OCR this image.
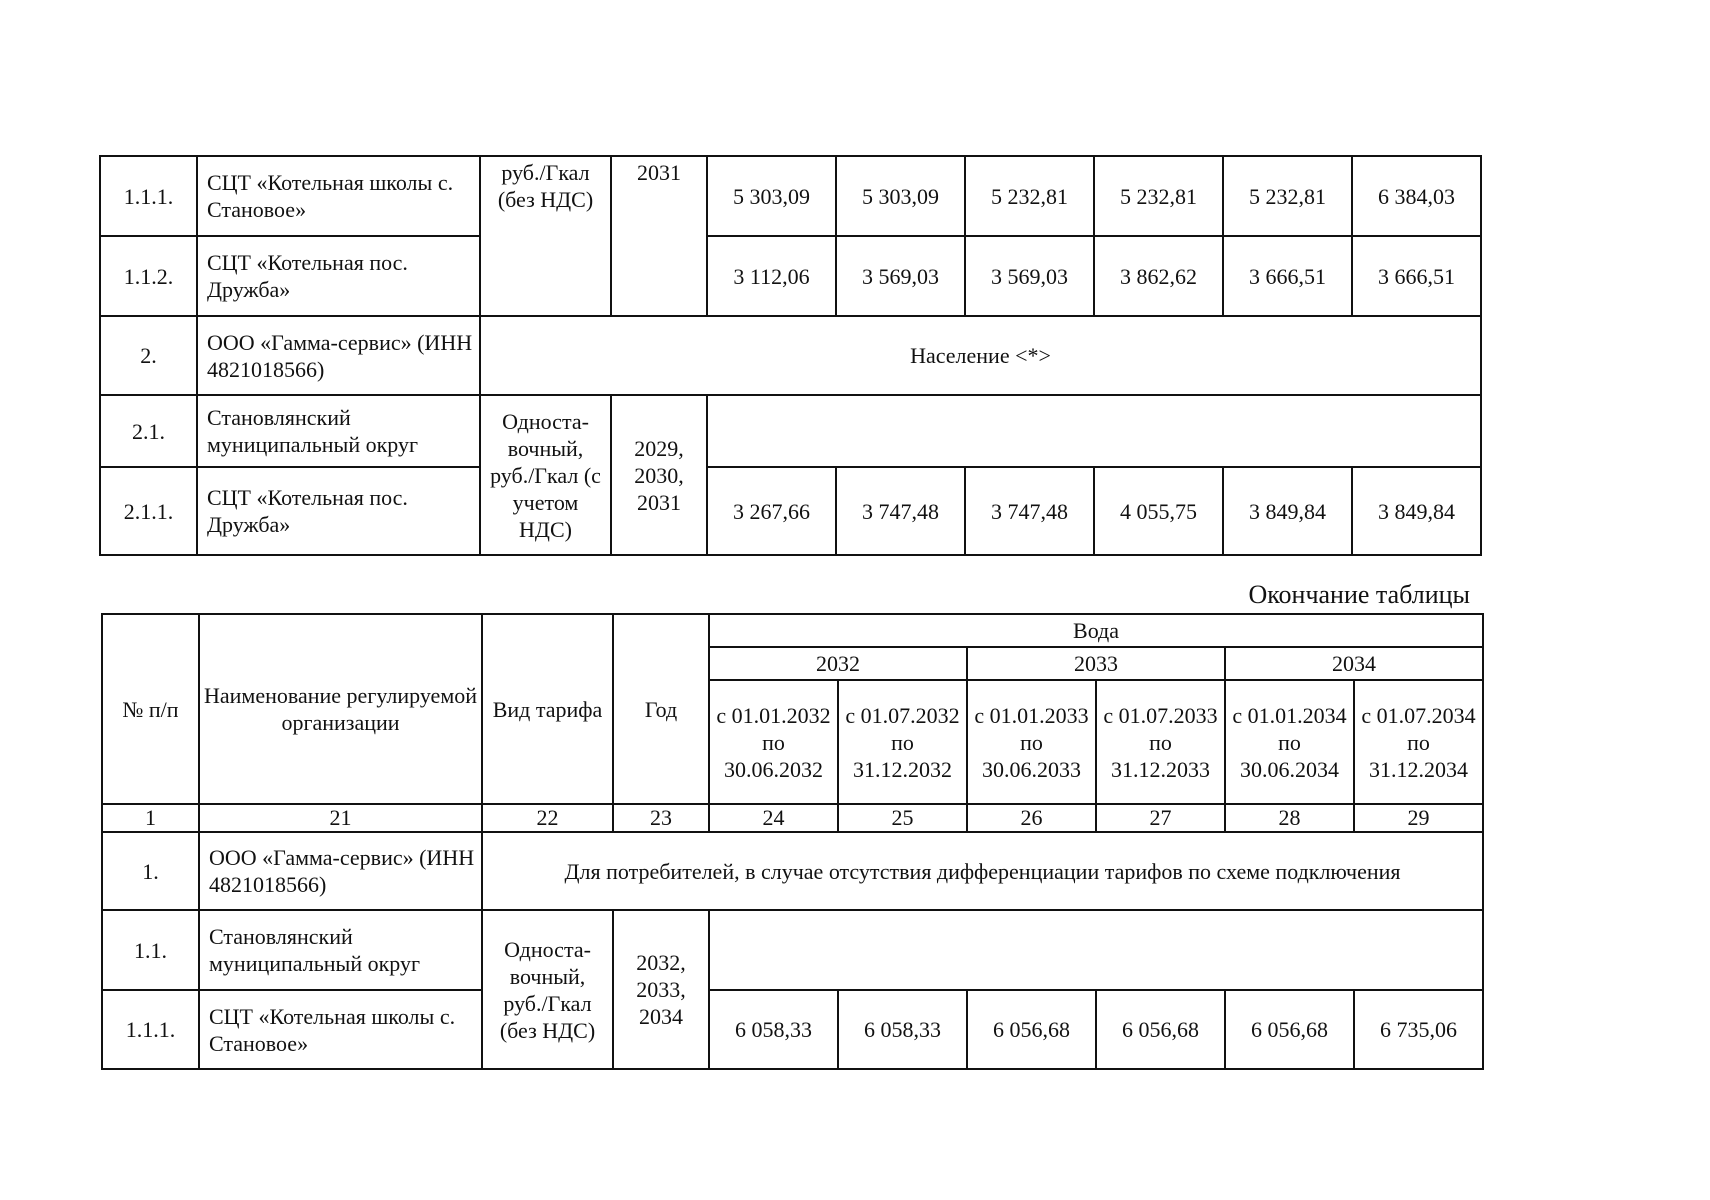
1.1.1.	СЦТ «Котельная школы с. Становое»	руб./Гкал (без НДС)	2031	5 303,09	5 303,09	5 232,81	5 232,81	5 232,81	6 384,03
1.1.2.	СЦТ «Котельная пос. Дружба»			3 112,06	3 569,03	3 569,03	3 862,62	3 666,51	3 666,51
2.	ООО «Гамма-сервис» (ИНН 4821018566)	Население <*>							
2.1.	Становлянский муниципальный округ	Односта-вочный, руб./Гкал (с учетом НДС)	2029, 2030, 2031						
2.1.1.	СЦТ «Котельная пос. Дружба»			3 267,66	3 747,48	3 747,48	4 055,75	3 849,84	3 849,84
Окончание таблицы
№ п/п	Наименование регулируемой организации	Вид тарифа	Год	Вода					
				2032		2033		2034	
				с 01.01.2032 по 30.06.2032	с 01.07.2032 по 31.12.2032	с 01.01.2033 по 30.06.2033	с 01.07.2033 по 31.12.2033	с 01.01.2034 по 30.06.2034	с 01.07.2034 по 31.12.2034
1	21	22	23	24	25	26	27	28	29
1.	ООО «Гамма-сервис» (ИНН 4821018566)	Для потребителей, в случае отсутствия дифференциации тарифов по схеме подключения							
1.1.	Становлянский муниципальный округ	Односта-вочный, руб./Гкал (без НДС)	2032, 2033, 2034						
1.1.1.	СЦТ «Котельная школы с. Становое»			6 058,33	6 058,33	6 056,68	6 056,68	6 056,68	6 735,06
